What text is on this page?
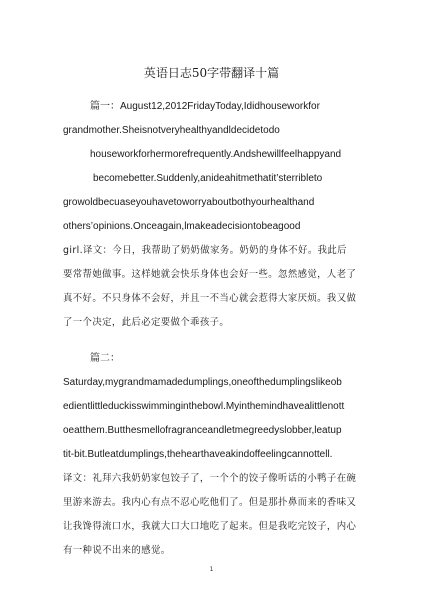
英语日志50字带翻译十篇
篇一：August12,2012FridayToday,Ididhouseworkfor
grandmother.Sheisnotveryhealthyandldecidetodo
houseworkforhermorefrequently.Andshewillfeelhappyand
becomebetter.Suddenly,anideahitmethatit’sterribleto
growoldbecuaseyouhavetoworryaboutbothyourhealthand
others’opinions.Onceagain,lmakeadecisiontobeagood
girl.译文：今日，我帮助了奶奶做家务。奶奶的身体不好。我此后
要常帮她做事。这样她就会快乐身体也会好一些。忽然感觉，人老了
真不好。不只身体不会好，并且一不当心就会惹得大家厌烦。我又做
了一个决定，此后必定要做个乖孩子。
篇二：
Saturday,mygrandmamadedumplings,oneofthedumplingslikeob
edientlittleduckisswimminginthebowl.Myinthemindhavealittlenott
oeatthem.Butthesmellofragranceandletmegreedyslobber,leatup
tit-bit.Butleatdumplings,thehearthaveakindoffeelingcannottell.
译文：礼拜六我奶奶家包饺子了，一个个的饺子像听话的小鸭子在碗
里游来游去。我内心有点不忍心吃他们了。但是那扑鼻而来的香味又
让我馋得流口水，我就大口大口地吃了起来。但是我吃完饺子，内心
有一种说不出来的感觉。
1
